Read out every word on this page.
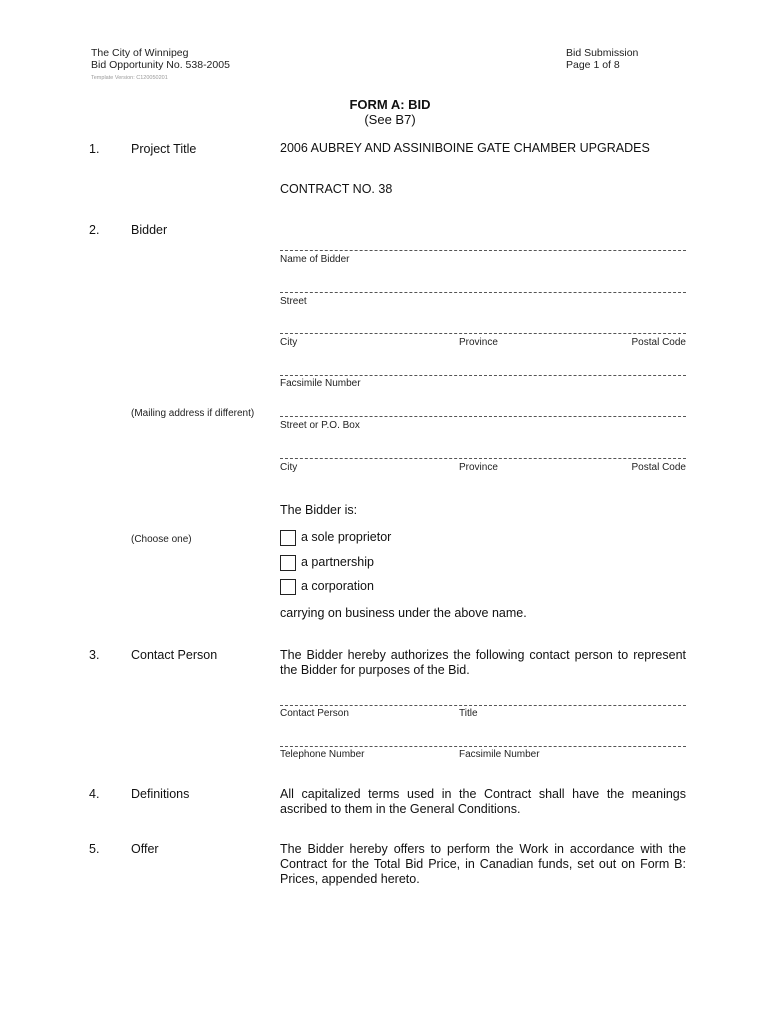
The City of Winnipeg
Bid Opportunity No. 538-2005
Template Version: C120050201
Bid Submission
Page 1 of 8
FORM A: BID
(See B7)
1.	Project Title	2006 AUBREY AND ASSINIBOINE GATE CHAMBER UPGRADES
CONTRACT NO. 38
2.	Bidder
Name of Bidder
Street
City	Province	Postal Code
Facsimile Number
(Mailing address if different)
Street or P.O. Box
City	Province	Postal Code
The Bidder is:
(Choose one)	a sole proprietor
a partnership
a corporation
carrying on business under the above name.
3.	Contact Person	The Bidder hereby authorizes the following contact person to represent the Bidder for purposes of the Bid.
Contact Person	Title
Telephone Number	Facsimile Number
4.	Definitions	All capitalized terms used in the Contract shall have the meanings ascribed to them in the General Conditions.
5.	Offer	The Bidder hereby offers to perform the Work in accordance with the Contract for the Total Bid Price, in Canadian funds, set out on Form B: Prices, appended hereto.
